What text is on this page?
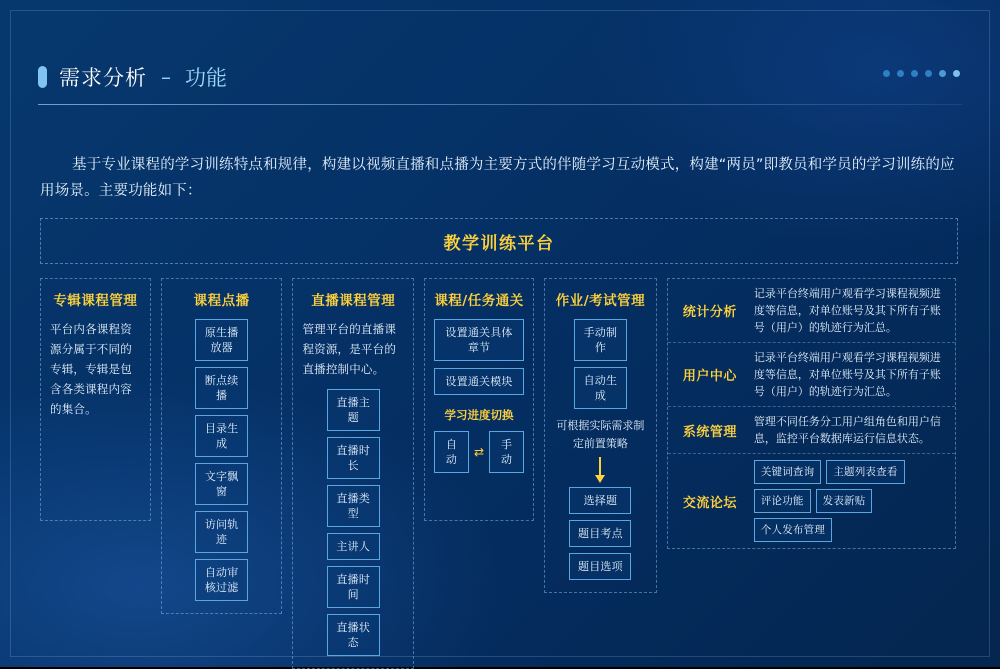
需求分析 – 功能
基于专业课程的学习训练特点和规律，构建以视频直播和点播为主要方式的伴随学习互动模式，构建“两员”即教员和学员的学习训练的应用场景。主要功能如下：
教学训练平台
专辑课程管理
平台内各课程资源分属于不同的专辑，专辑是包含各类课程内容的集合。
课程点播
原生播放器
断点续播
目录生成
文字飘窗
访问轨迹
自动审核过滤
直播课程管理
管理平台的直播课程资源，是平台的直播控制中心。
直播主题
直播时长
直播类型
主讲人
直播时间
直播状态
课程/任务通关
设置通关具体章节
设置通关模块
学习进度切换
自动
⇄	手动
作业/考试管理
手动制作
自动生成
可根据实际需求制定前置策略
选择题
题目考点
题目选项
统计分析
记录平台终端用户观看学习课程视频进度等信息，对单位账号及其下所有子账号（用户）的轨迹行为汇总。
用户中心
记录平台终端用户观看学习课程视频进度等信息，对单位账号及其下所有子账号（用户）的轨迹行为汇总。
系统管理
管理不同任务分工用户组角色和用户信息，监控平台数据库运行信息状态。
交流论坛
关键词查询	主题列表查看
评论功能	发表新贴
个人发布管理
